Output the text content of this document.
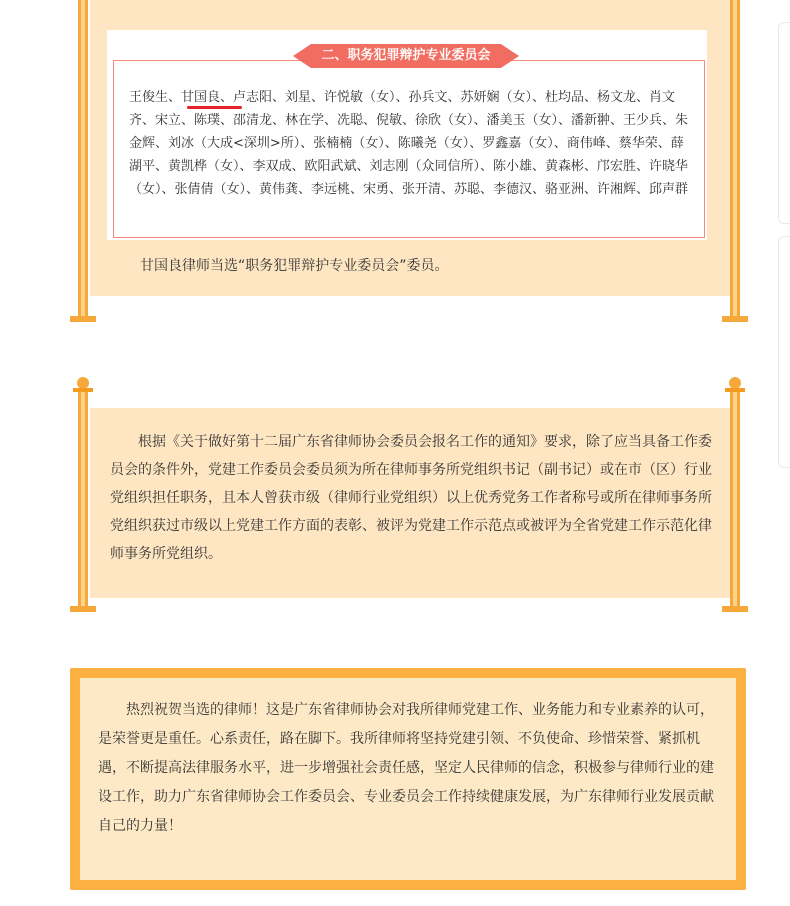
二、职务犯罪辩护专业委员会
王俊生、甘国良、卢志阳、刘星、许悦敏（女）、孙兵文、苏妍娴（女）、杜均品、杨文龙、肖文齐、宋立、陈璞、邵清龙、林在学、冼聪、倪敏、徐欣（女）、潘美玉（女）、潘新翀、王少兵、朱金辉、刘冰（大成<深圳>所）、张楠楠（女）、陈曦尧（女）、罗鑫嘉（女）、商伟峰、蔡华荣、薛湖平、黄凯桦（女）、李双成、欧阳武斌、刘志刚（众同信所）、陈小雄、黄森彬、邝宏胜、许晓华（女）、张倩倩（女）、黄伟龚、李远桃、宋勇、张开清、苏聪、李德汉、骆亚洲、许湘辉、邱声群
甘国良律师当选“职务犯罪辩护专业委员会”委员。
根据《关于做好第十二届广东省律师协会委员会报名工作的通知》要求，除了应当具备工作委员会的条件外，党建工作委员会委员须为所在律师事务所党组织书记（副书记）或在市（区）行业党组织担任职务，且本人曾获市级（律师行业党组织）以上优秀党务工作者称号或所在律师事务所党组织获过市级以上党建工作方面的表彰、被评为党建工作示范点或被评为全省党建工作示范化律师事务所党组织。
热烈祝贺当选的律师！这是广东省律师协会对我所律师党建工作、业务能力和专业素养的认可，是荣誉更是重任。心系责任，路在脚下。我所律师将坚持党建引领、不负使命、珍惜荣誉、紧抓机遇，不断提高法律服务水平，进一步增强社会责任感，坚定人民律师的信念，积极参与律师行业的建设工作，助力广东省律师协会工作委员会、专业委员会工作持续健康发展，为广东律师行业发展贡献自己的力量！
